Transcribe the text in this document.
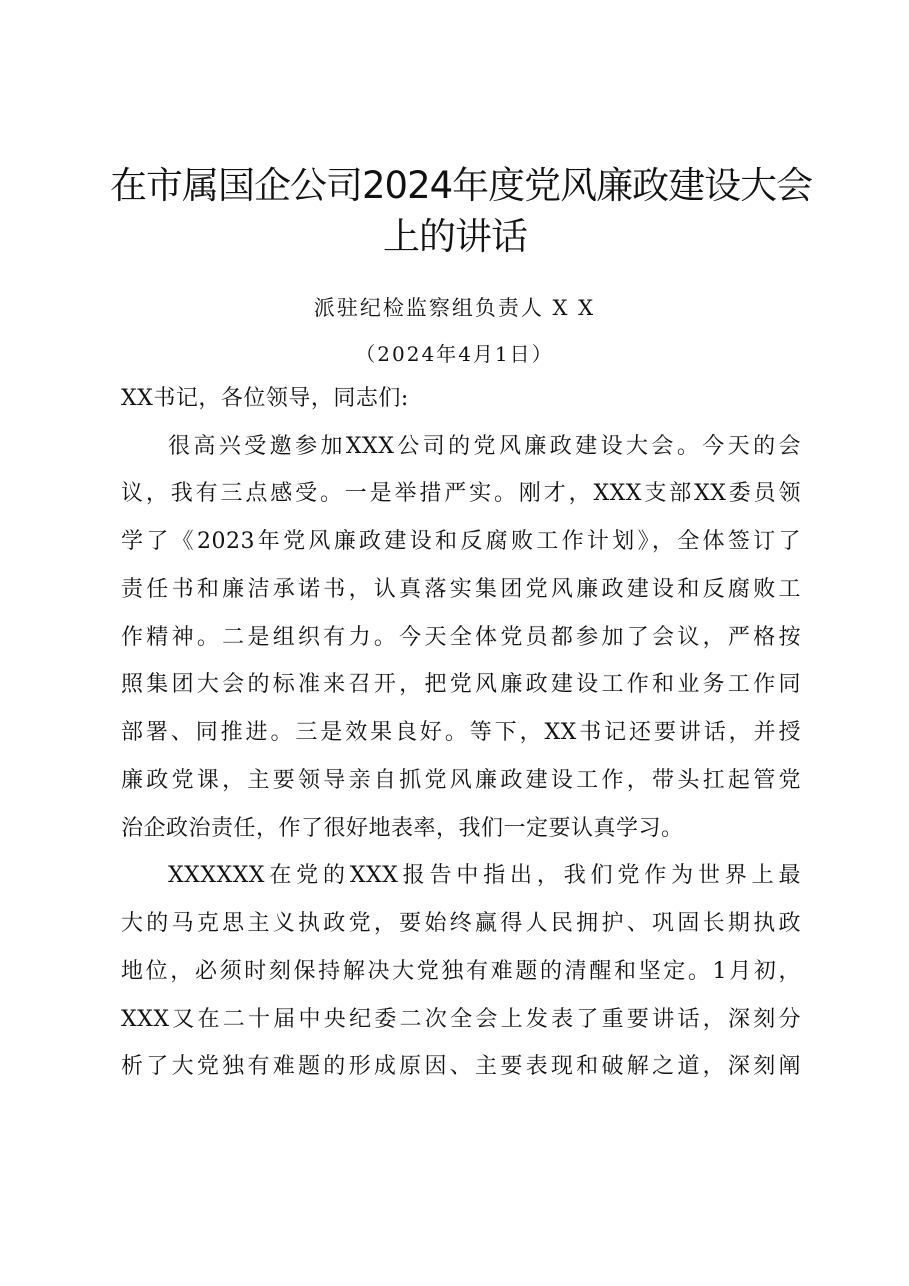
在市属国企公司2024年度党风廉政建设大会
上的讲话
派驻纪检监察组负责人 X X
（2024年4月1日）
XX书记，各位领导，同志们:
很高兴受邀参加XXX公司的党风廉政建设大会。今天的会
议，我有三点感受。一是举措严实。刚才，XXX支部XX委员领
学了《2023年党风廉政建设和反腐败工作计划》，全体签订了
责任书和廉洁承诺书，认真落实集团党风廉政建设和反腐败工
作精神。二是组织有力。今天全体党员都参加了会议，严格按
照集团大会的标准来召开，把党风廉政建设工作和业务工作同
部署、同推进。三是效果良好。等下，XX书记还要讲话，并授
廉政党课，主要领导亲自抓党风廉政建设工作，带头扛起管党
治企政治责任，作了很好地表率，我们一定要认真学习。
XXXXXX在党的XXX报告中指出，我们党作为世界上最
大的马克思主义执政党，要始终赢得人民拥护、巩固长期执政
地位，必须时刻保持解决大党独有难题的清醒和坚定。1月初，
XXX又在二十届中央纪委二次全会上发表了重要讲话，深刻分
析了大党独有难题的形成原因、主要表现和破解之道，深刻阐
